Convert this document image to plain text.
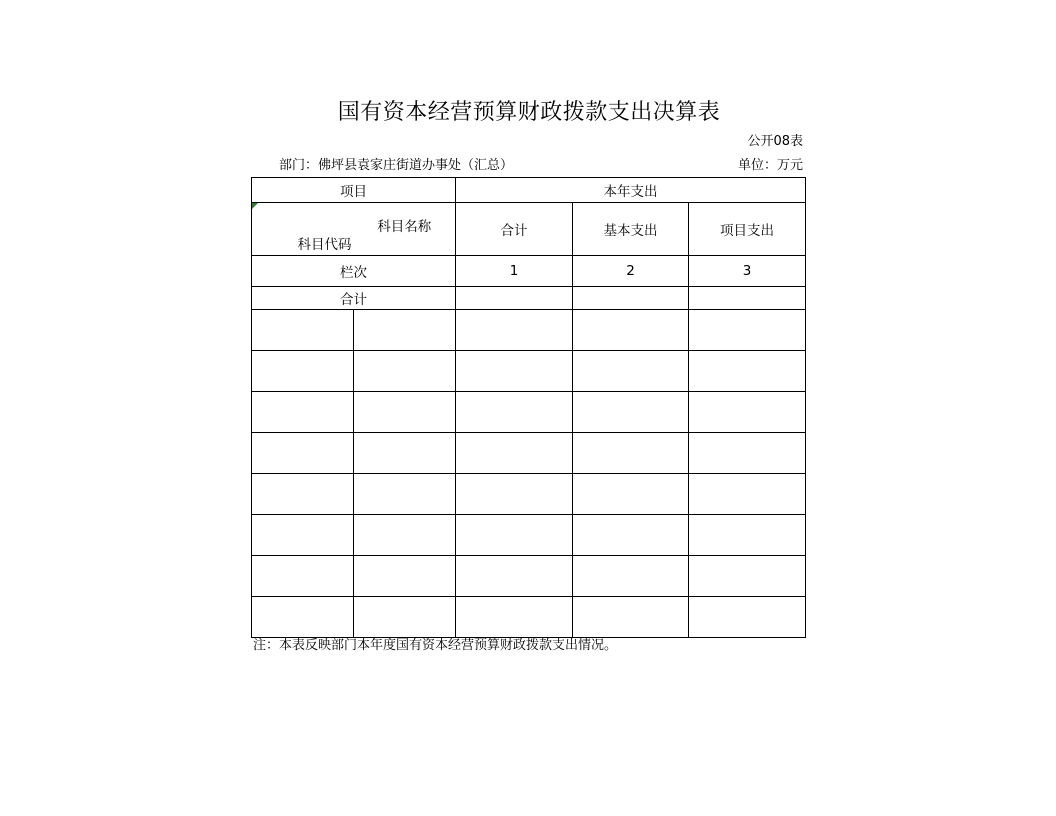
国有资本经营预算财政拨款支出决算表
公开08表
部门：佛坪县袁家庄街道办事处（汇总）	单位：万元
项目		本年支出		

科目代码	科目名称	合计	基本支出	项目支出
栏次		1	2	3
合计				

注：本表反映部门本年度国有资本经营预算财政拨款支出情况。
